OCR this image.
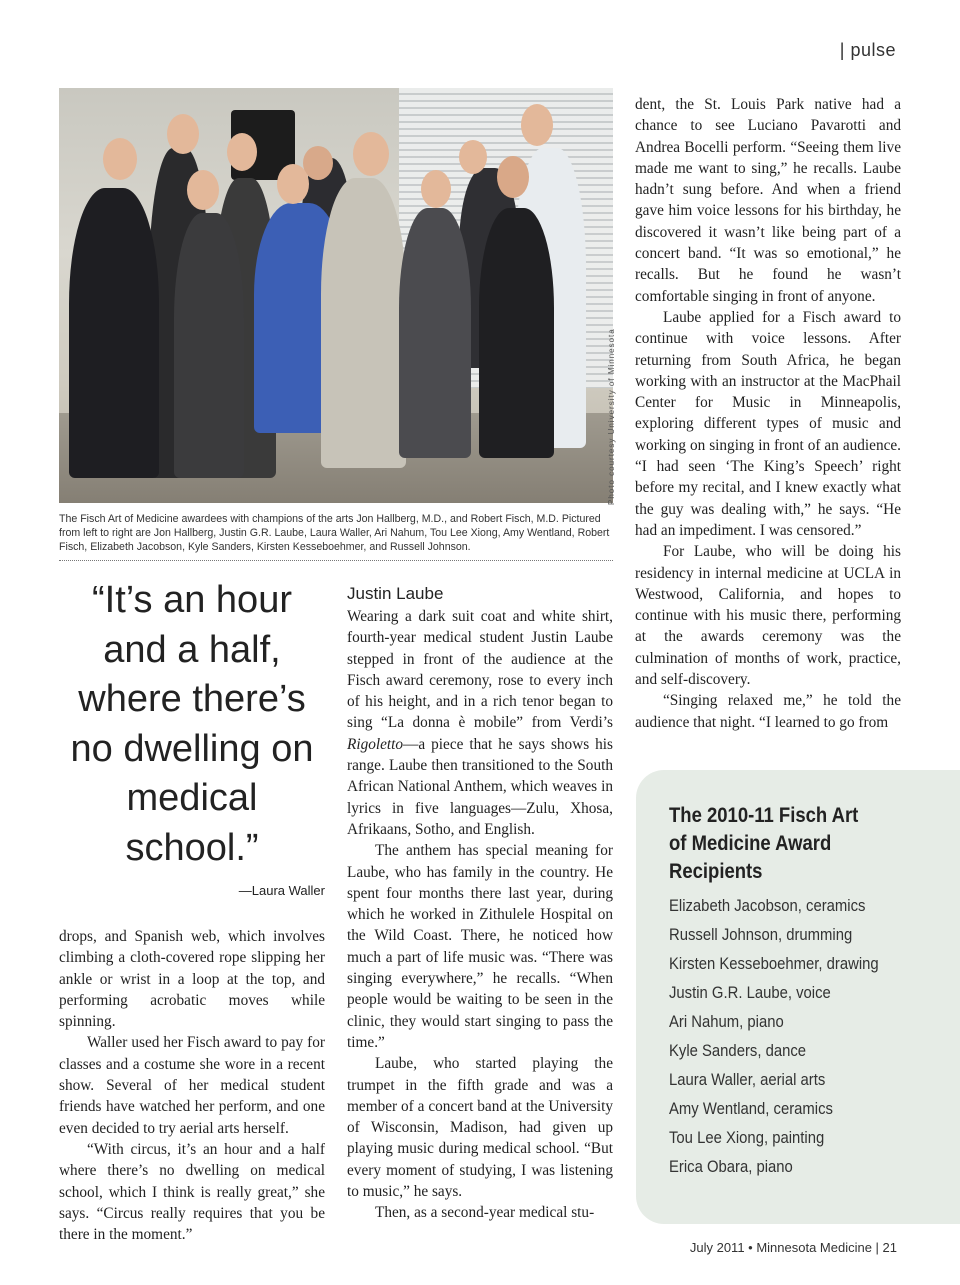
| pulse
Photo courtesy University of Minnesota
The Fisch Art of Medicine awardees with champions of the arts Jon Hallberg, M.D., and Robert Fisch, M.D. Pictured from left to right are Jon Hallberg, Justin G.R. Laube, Laura Waller, Ari Nahum, Tou Lee Xiong, Amy Wentland, Robert Fisch, Elizabeth Jacobson, Kyle Sanders, Kirsten Kesseboehmer, and Russell Johnson.
“It’s an hour and a half, where there’s no dwelling on medical school.”
—Laura Waller

drops, and Spanish web, which involves climbing a cloth-covered rope slipping her ankle or wrist in a loop at the top, and performing acrobatic moves while spinning.

Waller used her Fisch award to pay for classes and a costume she wore in a recent show. Several of her medical student friends have watched her perform, and one even decided to try aerial arts herself.

“With circus, it’s an hour and a half where there’s no dwelling on medical school, which I think is really great,” she says. “Circus really requires that you be there in the moment.”

Justin Laube

Wearing a dark suit coat and white shirt, fourth-year medical student Justin Laube stepped in front of the audience at the Fisch award ceremony, rose to every inch of his height, and in a rich tenor began to sing “La donna è mobile” from Verdi’s Rigoletto—a piece that he says shows his range. Laube then transitioned to the South African National Anthem, which weaves in lyrics in five languages—Zulu, Xhosa, Afrikaans, Sotho, and English.

The anthem has special meaning for Laube, who has family in the country. He spent four months there last year, during which he worked in Zithulele Hospital on the Wild Coast. There, he noticed how much a part of life music was. “There was singing everywhere,” he recalls. “When people would be waiting to be seen in the clinic, they would start singing to pass the time.”

Laube, who started playing the trumpet in the fifth grade and was a member of a concert band at the University of Wisconsin, Madison, had given up playing music during medical school. “But every moment of studying, I was listening to music,” he says.

Then, as a second-year medical stu-

dent, the St. Louis Park native had a chance to see Luciano Pavarotti and Andrea Bocelli perform. “Seeing them live made me want to sing,” he recalls. Laube hadn’t sung before. And when a friend gave him voice lessons for his birthday, he discovered it wasn’t like being part of a concert band. “It was so emotional,” he recalls. But he found he wasn’t comfortable singing in front of anyone.

Laube applied for a Fisch award to continue with voice lessons. After returning from South Africa, he began working with an instructor at the MacPhail Center for Music in Minneapolis, exploring different types of music and working on singing in front of an audience. “I had seen ‘The King’s Speech’ right before my recital, and I knew exactly what the guy was dealing with,” he says. “He had an impediment. I was censored.”

For Laube, who will be doing his residency in internal medicine at UCLA in Westwood, California, and hopes to continue with his music there, performing at the awards ceremony was the culmination of months of work, practice, and self-discovery.

“Singing relaxed me,” he told the audience that night. “I learned to go from

The 2010-11 Fisch Art of Medicine Award Recipients
Elizabeth Jacobson, ceramics
Russell Johnson, drumming
Kirsten Kesseboehmer, drawing
Justin G.R. Laube, voice
Ari Nahum, piano
Kyle Sanders, dance
Laura Waller, aerial arts
Amy Wentland, ceramics
Tou Lee Xiong, painting
Erica Obara, piano
July 2011 • Minnesota Medicine | 21
